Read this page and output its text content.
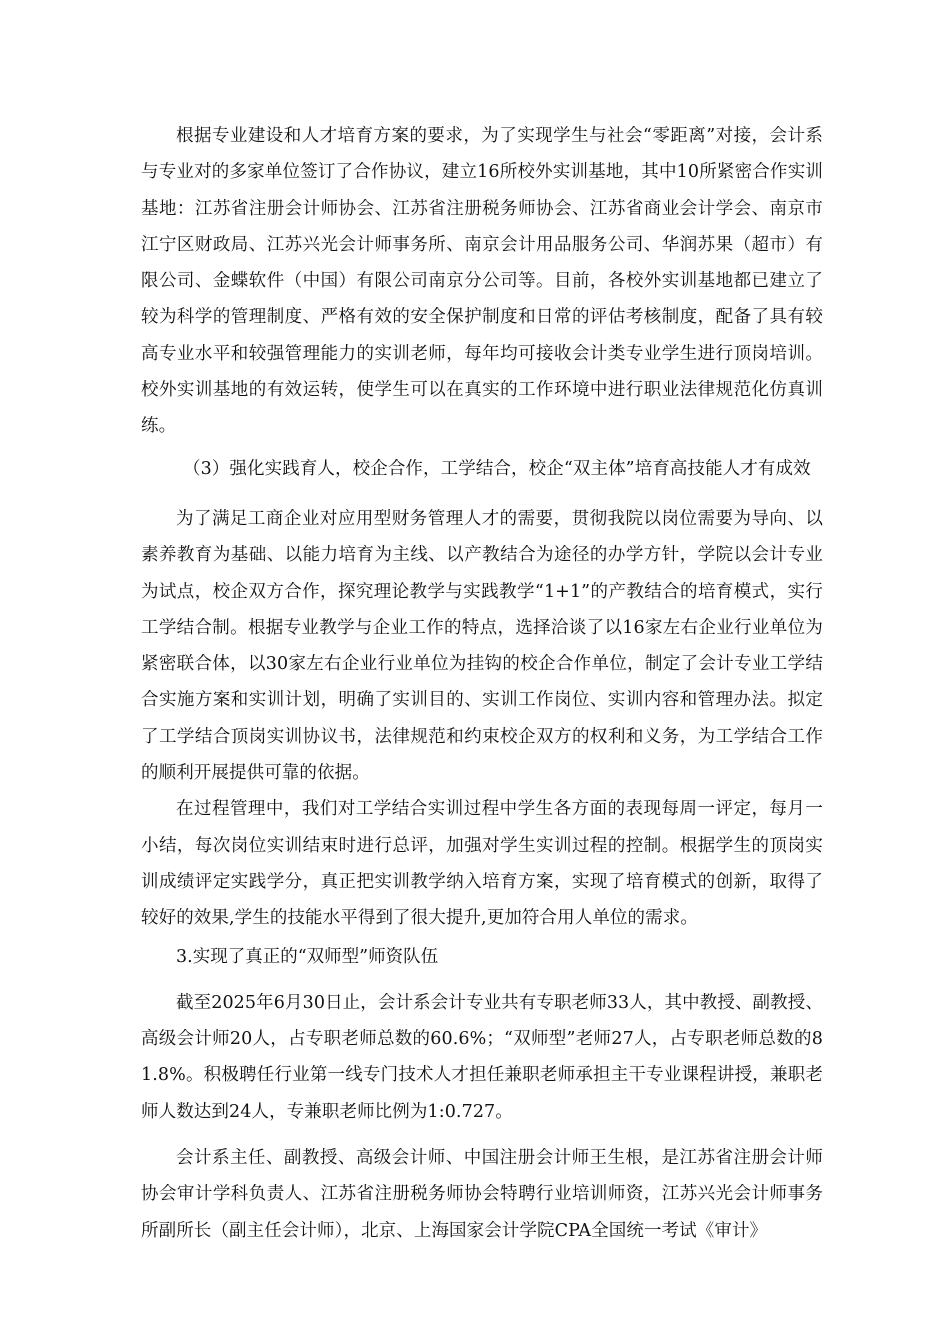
根据专业建设和人才培育方案的要求，为了实现学生与社会“零距离”对接，会计系与专业对的多家单位签订了合作协议，建立16所校外实训基地，其中10所紧密合作实训基地：江苏省注册会计师协会、江苏省注册税务师协会、江苏省商业会计学会、南京市江宁区财政局、江苏兴光会计师事务所、南京会计用品服务公司、华润苏果（超市）有限公司、金蝶软件（中国）有限公司南京分公司等。目前，各校外实训基地都已建立了较为科学的管理制度、严格有效的安全保护制度和日常的评估考核制度，配备了具有较高专业水平和较强管理能力的实训老师，每年均可接收会计类专业学生进行顶岗培训。校外实训基地的有效运转，使学生可以在真实的工作环境中进行职业法律规范化仿真训练。

（3）强化实践育人，校企合作，工学结合，校企“双主体”培育高技能人才有成效

为了满足工商企业对应用型财务管理人才的需要，贯彻我院以岗位需要为导向、以素养教育为基础、以能力培育为主线、以产教结合为途径的办学方针，学院以会计专业为试点，校企双方合作，探究理论教学与实践教学“1+1”的产教结合的培育模式，实行工学结合制。根据专业教学与企业工作的特点，选择洽谈了以16家左右企业行业单位为紧密联合体，以30家左右企业行业单位为挂钩的校企合作单位，制定了会计专业工学结合实施方案和实训计划，明确了实训目的、实训工作岗位、实训内容和管理办法。拟定了工学结合顶岗实训协议书，法律规范和约束校企双方的权利和义务，为工学结合工作的顺利开展提供可靠的依据。

在过程管理中，我们对工学结合实训过程中学生各方面的表现每周一评定，每月一小结，每次岗位实训结束时进行总评，加强对学生实训过程的控制。根据学生的顶岗实训成绩评定实践学分，真正把实训教学纳入培育方案，实现了培育模式的创新，取得了较好的效果,学生的技能水平得到了很大提升,更加符合用人单位的需求。

3.实现了真正的“双师型”师资队伍

截至2025年6月30日止，会计系会计专业共有专职老师33人，其中教授、副教授、高级会计师20人，占专职老师总数的60.6%；“双师型”老师27人，占专职老师总数的81.8%。积极聘任行业第一线专门技术人才担任兼职老师承担主干专业课程讲授，兼职老师人数达到24人，专兼职老师比例为1:0.727。

会计系主任、副教授、高级会计师、中国注册会计师王生根，是江苏省注册会计师协会审计学科负责人、江苏省注册税务师协会特聘行业培训师资，江苏兴光会计师事务所副所长（副主任会计师），北京、上海国家会计学院CPA全国统一考试《审计》
